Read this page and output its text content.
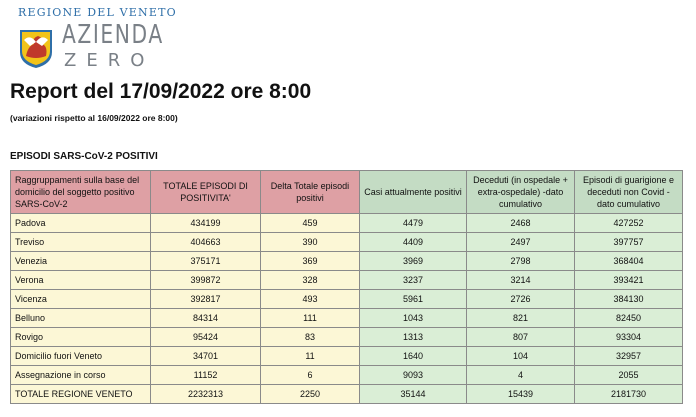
REGIONE DEL VENETO
AZIENDA
ZERO
Report del 17/09/2022 ore 8:00
(variazioni rispetto al 16/09/2022 ore 8:00)
EPISODI SARS-CoV-2 POSITIVI
Raggruppamenti sulla base del domicilio del soggetto positivo SARS-CoV-2	TOTALE EPISODI DI POSITIVITA'	Delta Totale episodi positivi	Casi attualmente positivi	Deceduti (in ospedale + extra-ospedale) -dato cumulativo	Episodi di guarigione e deceduti non Covid - dato cumulativo
Padova	434199	459	4479	2468	427252
Treviso	404663	390	4409	2497	397757
Venezia	375171	369	3969	2798	368404
Verona	399872	328	3237	3214	393421
Vicenza	392817	493	5961	2726	384130
Belluno	84314	111	1043	821	82450
Rovigo	95424	83	1313	807	93304
Domicilio fuori Veneto	34701	11	1640	104	32957
Assegnazione in corso	11152	6	9093	4	2055
TOTALE REGIONE VENETO	2232313	2250	35144	15439	2181730
